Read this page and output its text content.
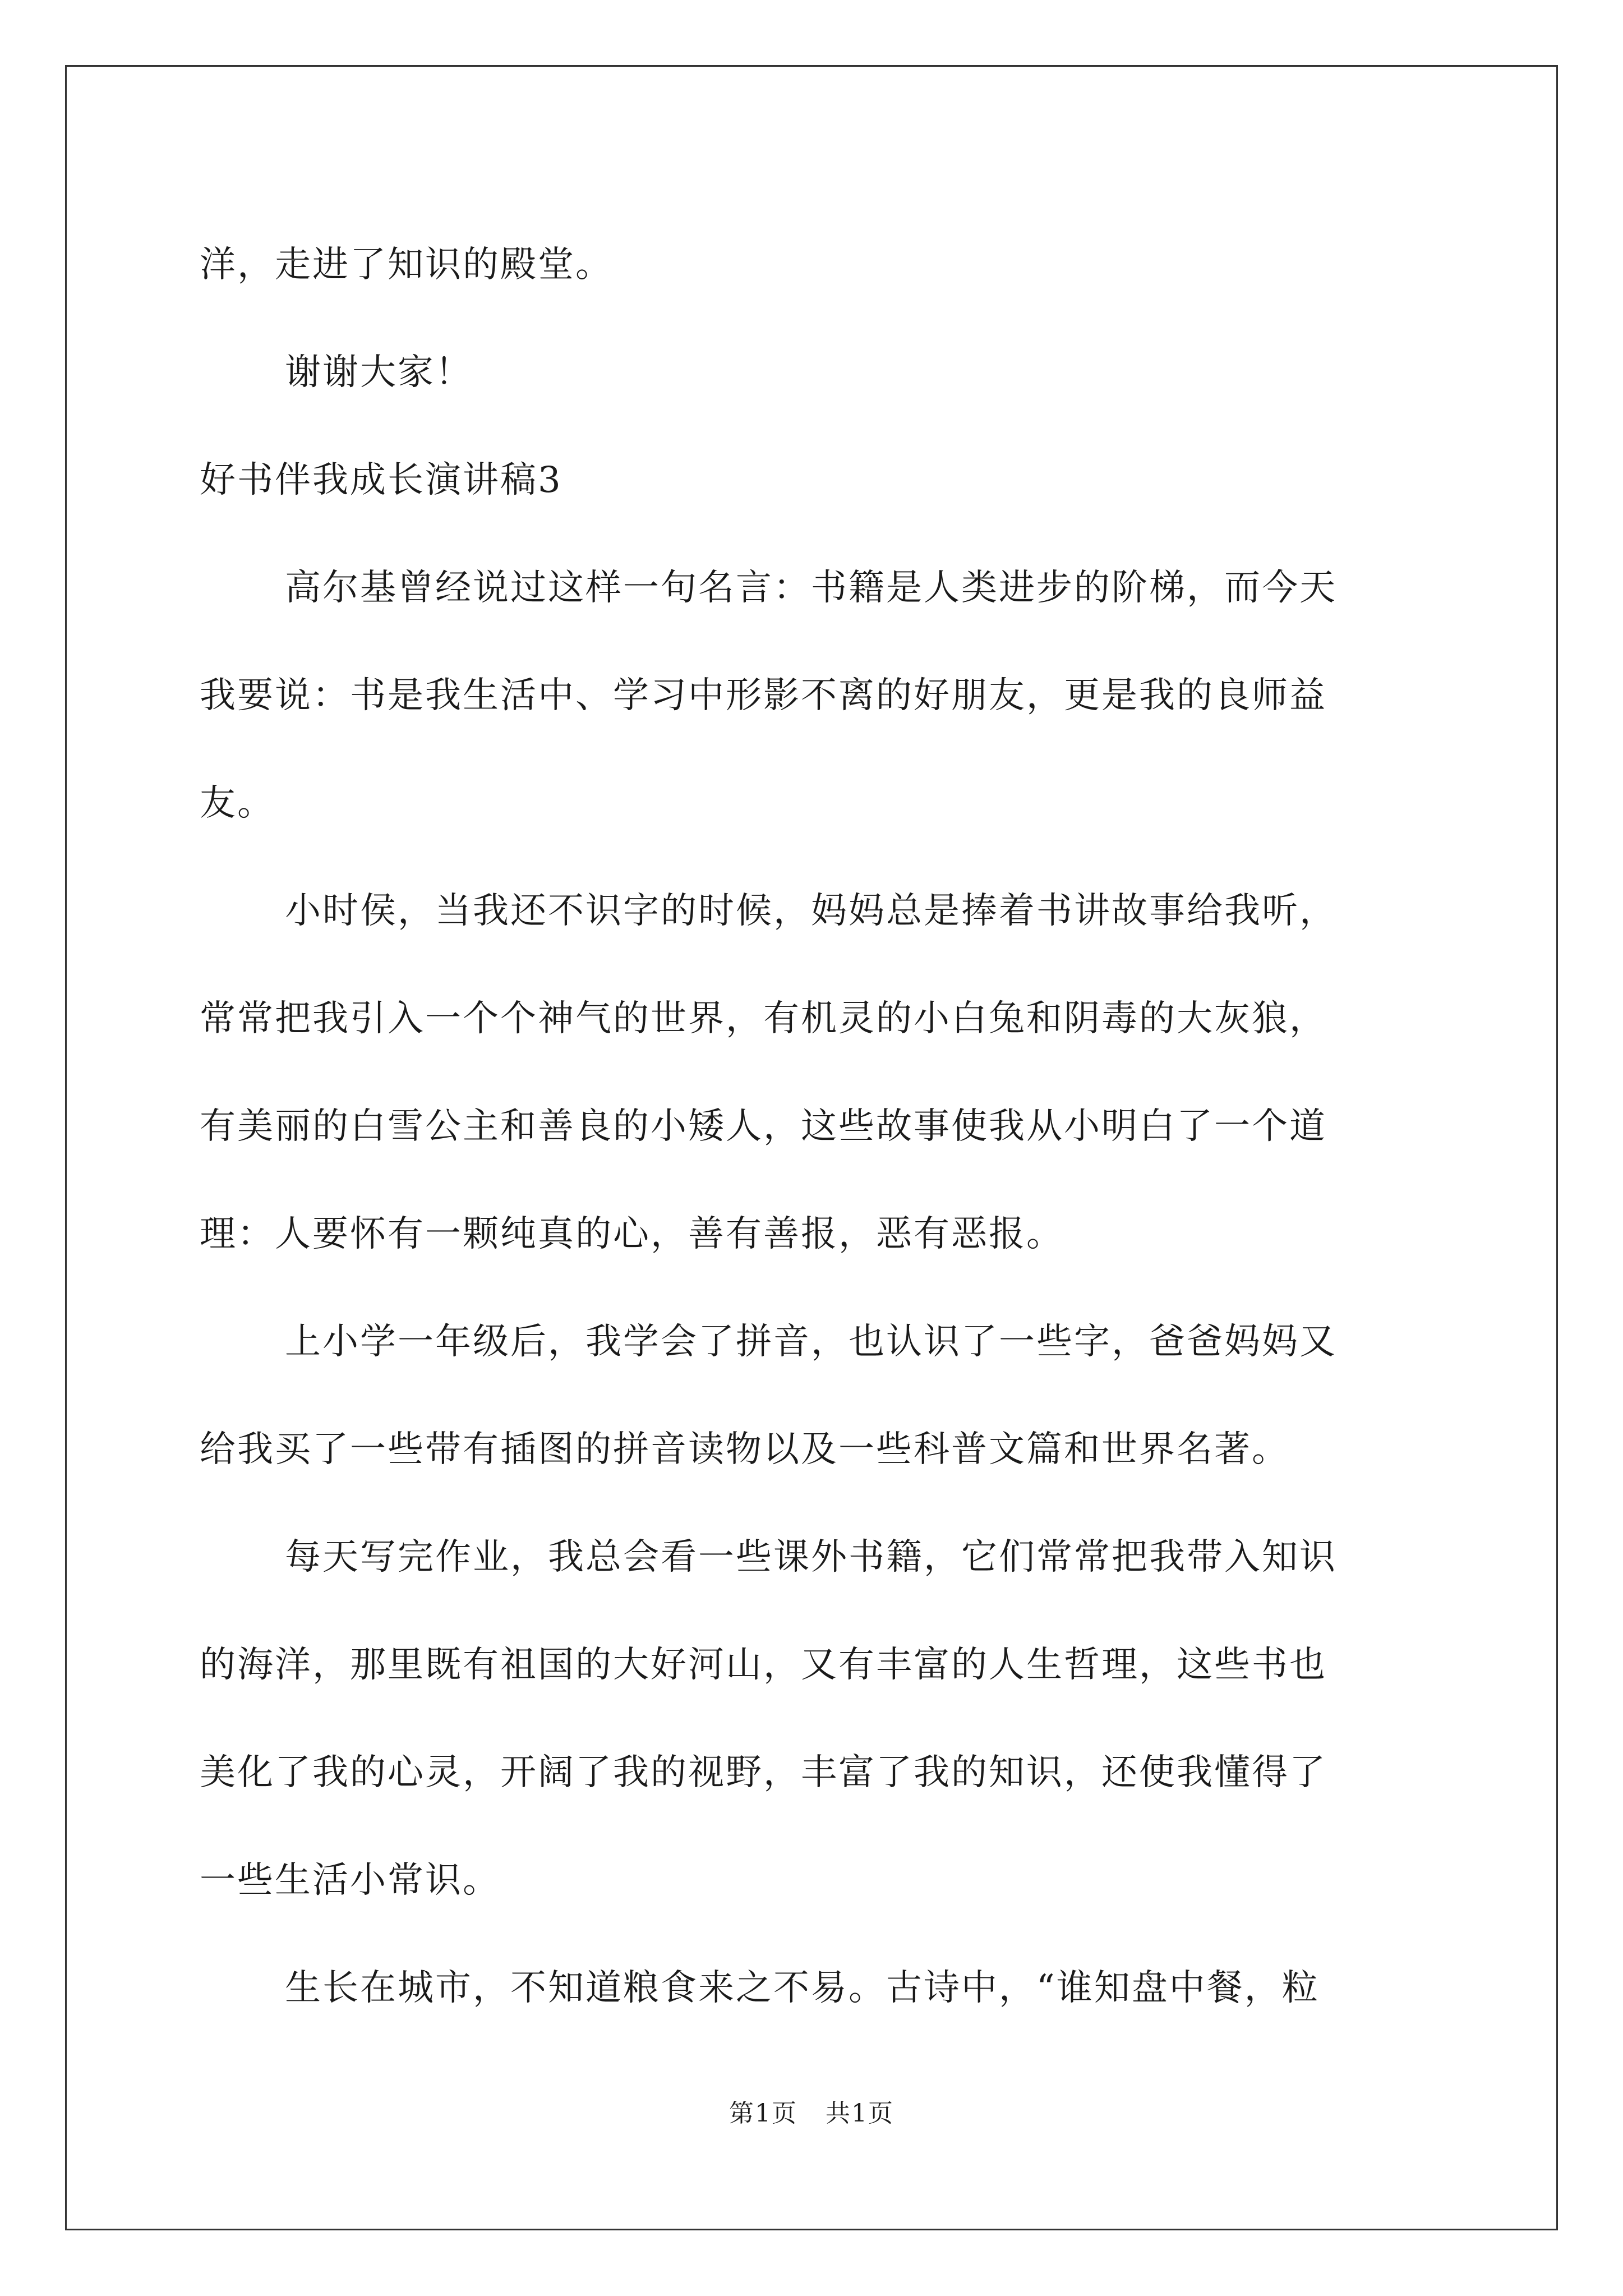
洋，走进了知识的殿堂。
谢谢大家！
好书伴我成长演讲稿3
高尔基曾经说过这样一句名言：书籍是人类进步的阶梯，而今天
我要说：书是我生活中、学习中形影不离的好朋友，更是我的良师益
友。
小时侯，当我还不识字的时候，妈妈总是捧着书讲故事给我听，
常常把我引入一个个神气的世界，有机灵的小白兔和阴毒的大灰狼，
有美丽的白雪公主和善良的小矮人，这些故事使我从小明白了一个道
理：人要怀有一颗纯真的心，善有善报，恶有恶报。
上小学一年级后，我学会了拼音，也认识了一些字，爸爸妈妈又
给我买了一些带有插图的拼音读物以及一些科普文篇和世界名著。
每天写完作业，我总会看一些课外书籍，它们常常把我带入知识
的海洋，那里既有祖国的大好河山，又有丰富的人生哲理，这些书也
美化了我的心灵，开阔了我的视野，丰富了我的知识，还使我懂得了
一些生活小常识。
生长在城市，不知道粮食来之不易。古诗中，“谁知盘中餐，粒
第1页 共1页
